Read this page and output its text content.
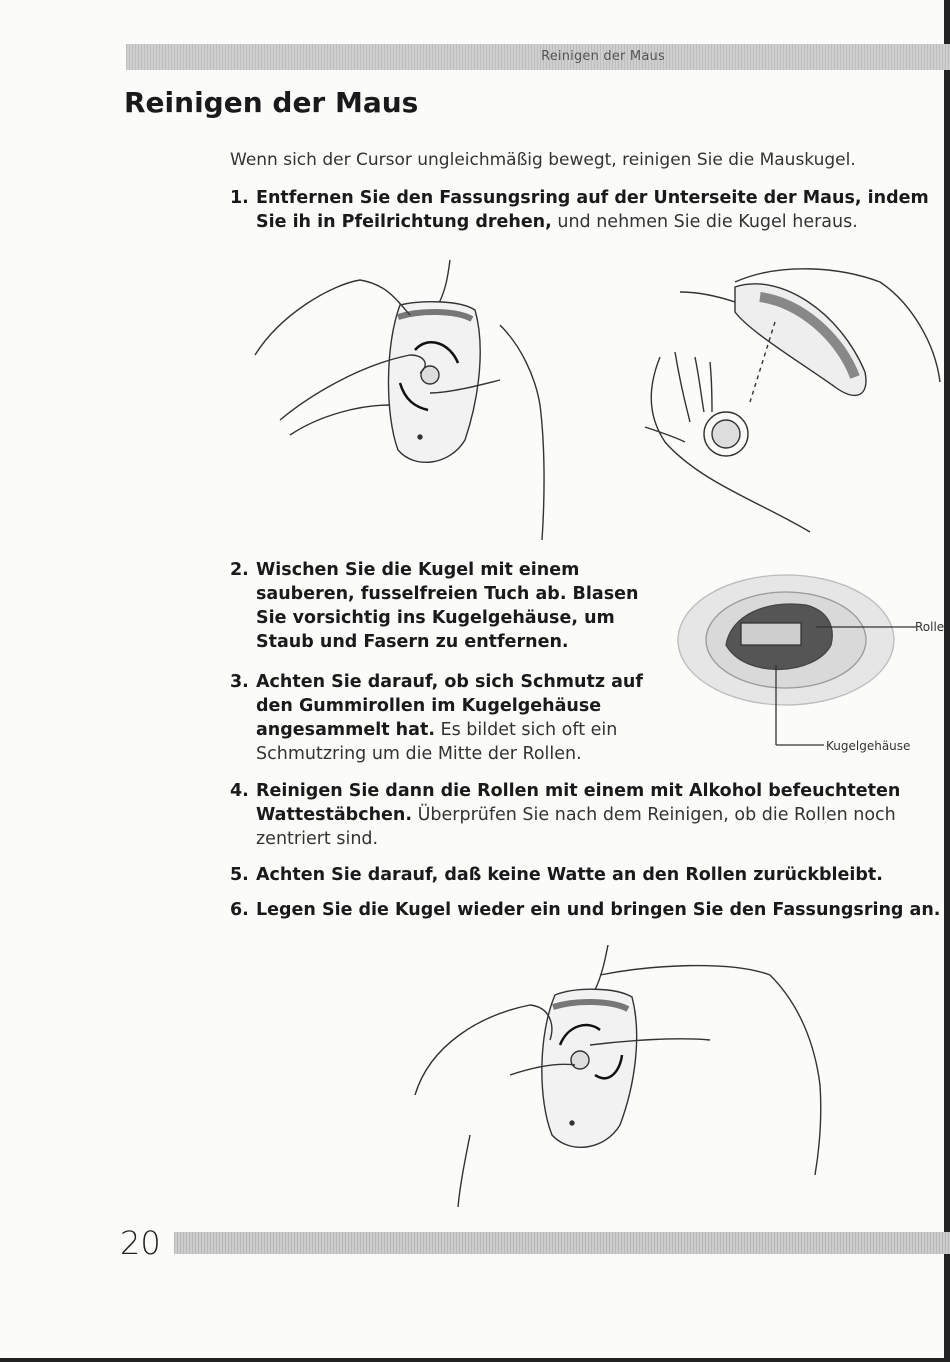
Reinigen der Maus
Reinigen der Maus
Wenn sich der Cursor ungleichmäßig bewegt, reinigen Sie die Mauskugel.
1. Entfernen Sie den Fassungsring auf der Unterseite der Maus, indem Sie ih in Pfeilrichtung drehen, und nehmen Sie die Kugel heraus.
2. Wischen Sie die Kugel mit einem sauberen, fusselfreien Tuch ab. Blasen Sie vorsichtig ins Kugelgehäuse, um Staub und Fasern zu entfernen.
3. Achten Sie darauf, ob sich Schmutz auf den Gummirollen im Kugelgehäuse angesammelt hat. Es bildet sich oft ein Schmutzring um die Mitte der Rollen.
Rolle
Kugelgehäuse
4. Reinigen Sie dann die Rollen mit einem mit Alkohol befeuchteten Wattestäbchen. Überprüfen Sie nach dem Reinigen, ob die Rollen noch zentriert sind.
5. Achten Sie darauf, daß keine Watte an den Rollen zurückbleibt.
6. Legen Sie die Kugel wieder ein und bringen Sie den Fassungsring an.
20
